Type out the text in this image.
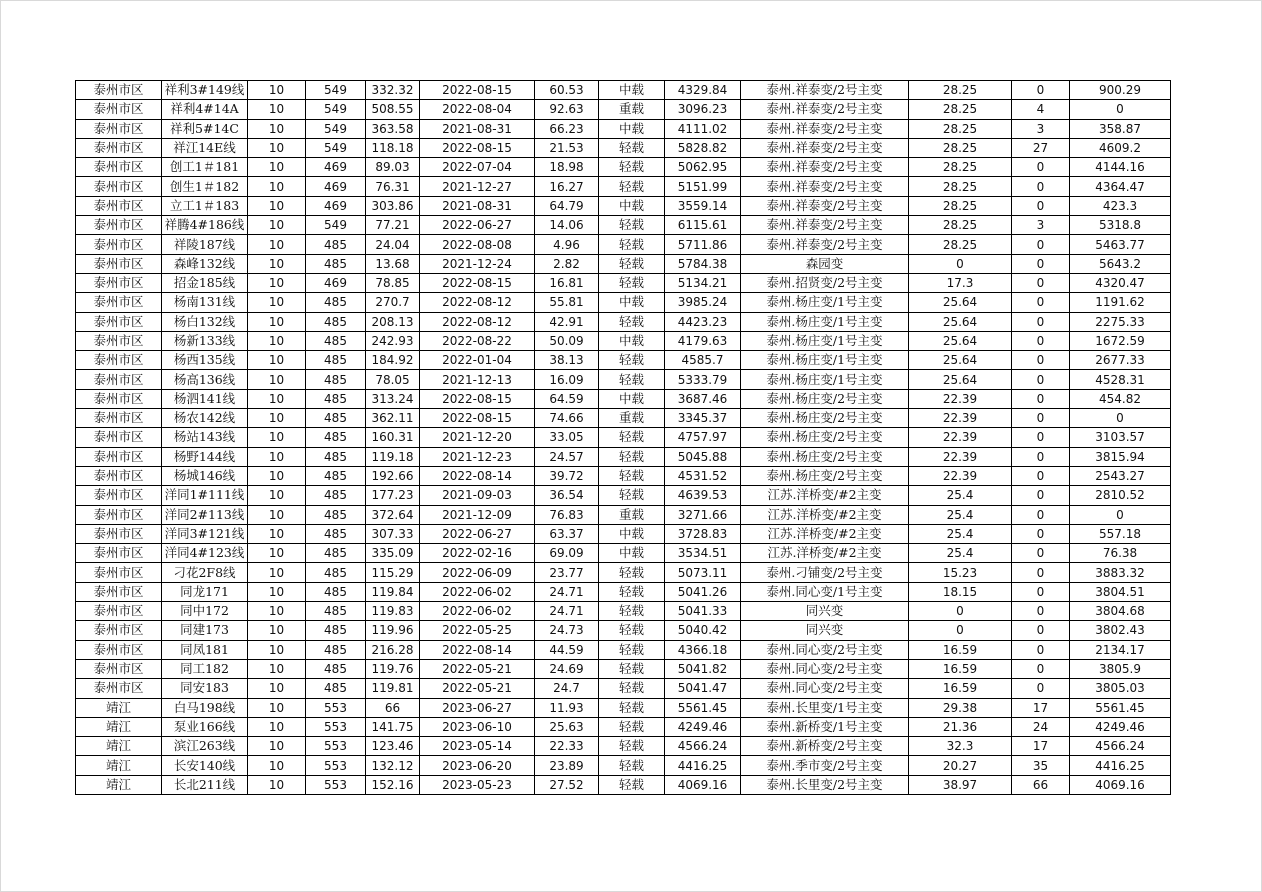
泰州市区	祥利3#149线	10	549	332.32	2022-08-15	60.53	中载	4329.84	泰州.祥泰变/2号主变	28.25	0	900.29
泰州市区	祥利4#14A	10	549	508.55	2022-08-04	92.63	重载	3096.23	泰州.祥泰变/2号主变	28.25	4	0
泰州市区	祥利5#14C	10	549	363.58	2021-08-31	66.23	中载	4111.02	泰州.祥泰变/2号主变	28.25	3	358.87
泰州市区	祥江14E线	10	549	118.18	2022-08-15	21.53	轻载	5828.82	泰州.祥泰变/2号主变	28.25	27	4609.2
泰州市区	创工1＃181	10	469	89.03	2022-07-04	18.98	轻载	5062.95	泰州.祥泰变/2号主变	28.25	0	4144.16
泰州市区	创生1＃182	10	469	76.31	2021-12-27	16.27	轻载	5151.99	泰州.祥泰变/2号主变	28.25	0	4364.47
泰州市区	立工1＃183	10	469	303.86	2021-08-31	64.79	中载	3559.14	泰州.祥泰变/2号主变	28.25	0	423.3
泰州市区	祥腾4#186线	10	549	77.21	2022-06-27	14.06	轻载	6115.61	泰州.祥泰变/2号主变	28.25	3	5318.8
泰州市区	祥陵187线	10	485	24.04	2022-08-08	4.96	轻载	5711.86	泰州.祥泰变/2号主变	28.25	0	5463.77
泰州市区	森峰132线	10	485	13.68	2021-12-24	2.82	轻载	5784.38	森园变	0	0	5643.2
泰州市区	招金185线	10	469	78.85	2022-08-15	16.81	轻载	5134.21	泰州.招贤变/2号主变	17.3	0	4320.47
泰州市区	杨南131线	10	485	270.7	2022-08-12	55.81	中载	3985.24	泰州.杨庄变/1号主变	25.64	0	1191.62
泰州市区	杨白132线	10	485	208.13	2022-08-12	42.91	轻载	4423.23	泰州.杨庄变/1号主变	25.64	0	2275.33
泰州市区	杨新133线	10	485	242.93	2022-08-22	50.09	中载	4179.63	泰州.杨庄变/1号主变	25.64	0	1672.59
泰州市区	杨西135线	10	485	184.92	2022-01-04	38.13	轻载	4585.7	泰州.杨庄变/1号主变	25.64	0	2677.33
泰州市区	杨高136线	10	485	78.05	2021-12-13	16.09	轻载	5333.79	泰州.杨庄变/1号主变	25.64	0	4528.31
泰州市区	杨泗141线	10	485	313.24	2022-08-15	64.59	中载	3687.46	泰州.杨庄变/2号主变	22.39	0	454.82
泰州市区	杨农142线	10	485	362.11	2022-08-15	74.66	重载	3345.37	泰州.杨庄变/2号主变	22.39	0	0
泰州市区	杨站143线	10	485	160.31	2021-12-20	33.05	轻载	4757.97	泰州.杨庄变/2号主变	22.39	0	3103.57
泰州市区	杨野144线	10	485	119.18	2021-12-23	24.57	轻载	5045.88	泰州.杨庄变/2号主变	22.39	0	3815.94
泰州市区	杨城146线	10	485	192.66	2022-08-14	39.72	轻载	4531.52	泰州.杨庄变/2号主变	22.39	0	2543.27
泰州市区	洋同1#111线	10	485	177.23	2021-09-03	36.54	轻载	4639.53	江苏.洋桥变/#2主变	25.4	0	2810.52
泰州市区	洋同2#113线	10	485	372.64	2021-12-09	76.83	重载	3271.66	江苏.洋桥变/#2主变	25.4	0	0
泰州市区	洋同3#121线	10	485	307.33	2022-06-27	63.37	中载	3728.83	江苏.洋桥变/#2主变	25.4	0	557.18
泰州市区	洋同4#123线	10	485	335.09	2022-02-16	69.09	中载	3534.51	江苏.洋桥变/#2主变	25.4	0	76.38
泰州市区	刁花2F8线	10	485	115.29	2022-06-09	23.77	轻载	5073.11	泰州.刁铺变/2号主变	15.23	0	3883.32
泰州市区	同龙171	10	485	119.84	2022-06-02	24.71	轻载	5041.26	泰州.同心变/1号主变	18.15	0	3804.51
泰州市区	同中172	10	485	119.83	2022-06-02	24.71	轻载	5041.33	同兴变	0	0	3804.68
泰州市区	同建173	10	485	119.96	2022-05-25	24.73	轻载	5040.42	同兴变	0	0	3802.43
泰州市区	同凤181	10	485	216.28	2022-08-14	44.59	轻载	4366.18	泰州.同心变/2号主变	16.59	0	2134.17
泰州市区	同工182	10	485	119.76	2022-05-21	24.69	轻载	5041.82	泰州.同心变/2号主变	16.59	0	3805.9
泰州市区	同安183	10	485	119.81	2022-05-21	24.7	轻载	5041.47	泰州.同心变/2号主变	16.59	0	3805.03
靖江	白马198线	10	553	66	2023-06-27	11.93	轻载	5561.45	泰州.长里变/1号主变	29.38	17	5561.45
靖江	泵业166线	10	553	141.75	2023-06-10	25.63	轻载	4249.46	泰州.新桥变/1号主变	21.36	24	4249.46
靖江	滨江263线	10	553	123.46	2023-05-14	22.33	轻载	4566.24	泰州.新桥变/2号主变	32.3	17	4566.24
靖江	长安140线	10	553	132.12	2023-06-20	23.89	轻载	4416.25	泰州.季市变/2号主变	20.27	35	4416.25
靖江	长北211线	10	553	152.16	2023-05-23	27.52	轻载	4069.16	泰州.长里变/2号主变	38.97	66	4069.16
